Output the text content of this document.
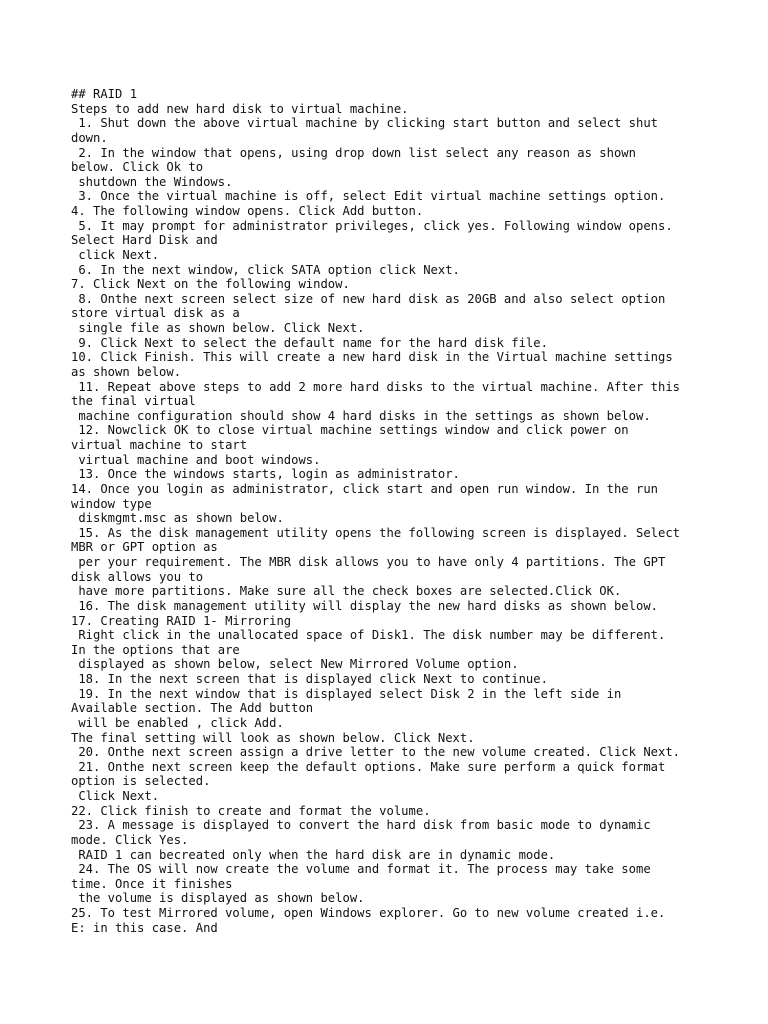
## RAID 1
Steps to add new hard disk to virtual machine.
1. Shut down the above virtual machine by clicking start button and select shut
down.
2. In the window that opens, using drop down list select any reason as shown
below. Click Ok to
shutdown the Windows.
3. Once the virtual machine is off, select Edit virtual machine settings option.
4. The following window opens. Click Add button.
5. It may prompt for administrator privileges, click yes. Following window opens.
Select Hard Disk and
click Next.
6. In the next window, click SATA option click Next.
7. Click Next on the following window.
8. Onthe next screen select size of new hard disk as 20GB and also select option
store virtual disk as a
single file as shown below. Click Next.
9. Click Next to select the default name for the hard disk file.
10. Click Finish. This will create a new hard disk in the Virtual machine settings
as shown below.
11. Repeat above steps to add 2 more hard disks to the virtual machine. After this
the final virtual
machine configuration should show 4 hard disks in the settings as shown below.
12. Nowclick OK to close virtual machine settings window and click power on
virtual machine to start
virtual machine and boot windows.
13. Once the windows starts, login as administrator.
14. Once you login as administrator, click start and open run window. In the run
window type
diskmgmt.msc as shown below.
15. As the disk management utility opens the following screen is displayed. Select
MBR or GPT option as
per your requirement. The MBR disk allows you to have only 4 partitions. The GPT
disk allows you to
have more partitions. Make sure all the check boxes are selected.Click OK.
16. The disk management utility will display the new hard disks as shown below.
17. Creating RAID 1- Mirroring
Right click in the unallocated space of Disk1. The disk number may be different.
In the options that are
displayed as shown below, select New Mirrored Volume option.
18. In the next screen that is displayed click Next to continue.
19. In the next window that is displayed select Disk 2 in the left side in
Available section. The Add button
will be enabled , click Add.
The final setting will look as shown below. Click Next.
20. Onthe next screen assign a drive letter to the new volume created. Click Next.
21. Onthe next screen keep the default options. Make sure perform a quick format
option is selected.
Click Next.
22. Click finish to create and format the volume.
23. A message is displayed to convert the hard disk from basic mode to dynamic
mode. Click Yes.
RAID 1 can becreated only when the hard disk are in dynamic mode.
24. The OS will now create the volume and format it. The process may take some
time. Once it finishes
the volume is displayed as shown below.
25. To test Mirrored volume, open Windows explorer. Go to new volume created i.e.
E: in this case. And
